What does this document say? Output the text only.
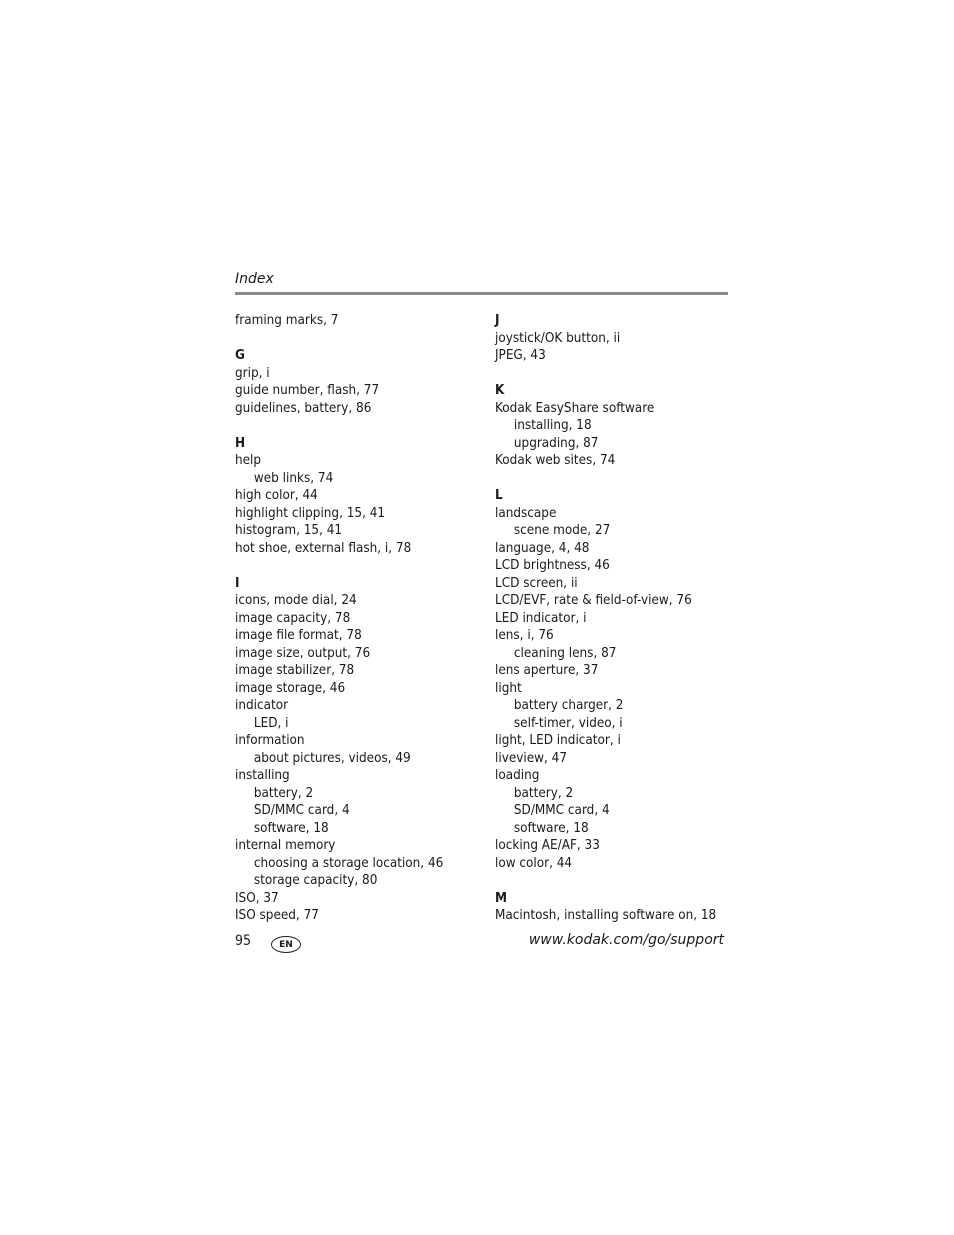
Index
framing marks, 7
G
grip, i
guide number, flash, 77
guidelines, battery, 86
H
help
web links, 74
high color, 44
highlight clipping, 15, 41
histogram, 15, 41
hot shoe, external flash, i, 78
I
icons, mode dial, 24
image capacity, 78
image file format, 78
image size, output, 76
image stabilizer, 78
image storage, 46
indicator
LED, i
information
about pictures, videos, 49
installing
battery, 2
SD/MMC card, 4
software, 18
internal memory
choosing a storage location, 46
storage capacity, 80
ISO, 37
ISO speed, 77
J
joystick/OK button, ii
JPEG, 43
K
Kodak EasyShare software
installing, 18
upgrading, 87
Kodak web sites, 74
L
landscape
scene mode, 27
language, 4, 48
LCD brightness, 46
LCD screen, ii
LCD/EVF, rate & field-of-view, 76
LED indicator, i
lens, i, 76
cleaning lens, 87
lens aperture, 37
light
battery charger, 2
self-timer, video, i
light, LED indicator, i
liveview, 47
loading
battery, 2
SD/MMC card, 4
software, 18
locking AE/AF, 33
low color, 44
M
Macintosh, installing software on, 18
95	EN	www.kodak.com/go/support
